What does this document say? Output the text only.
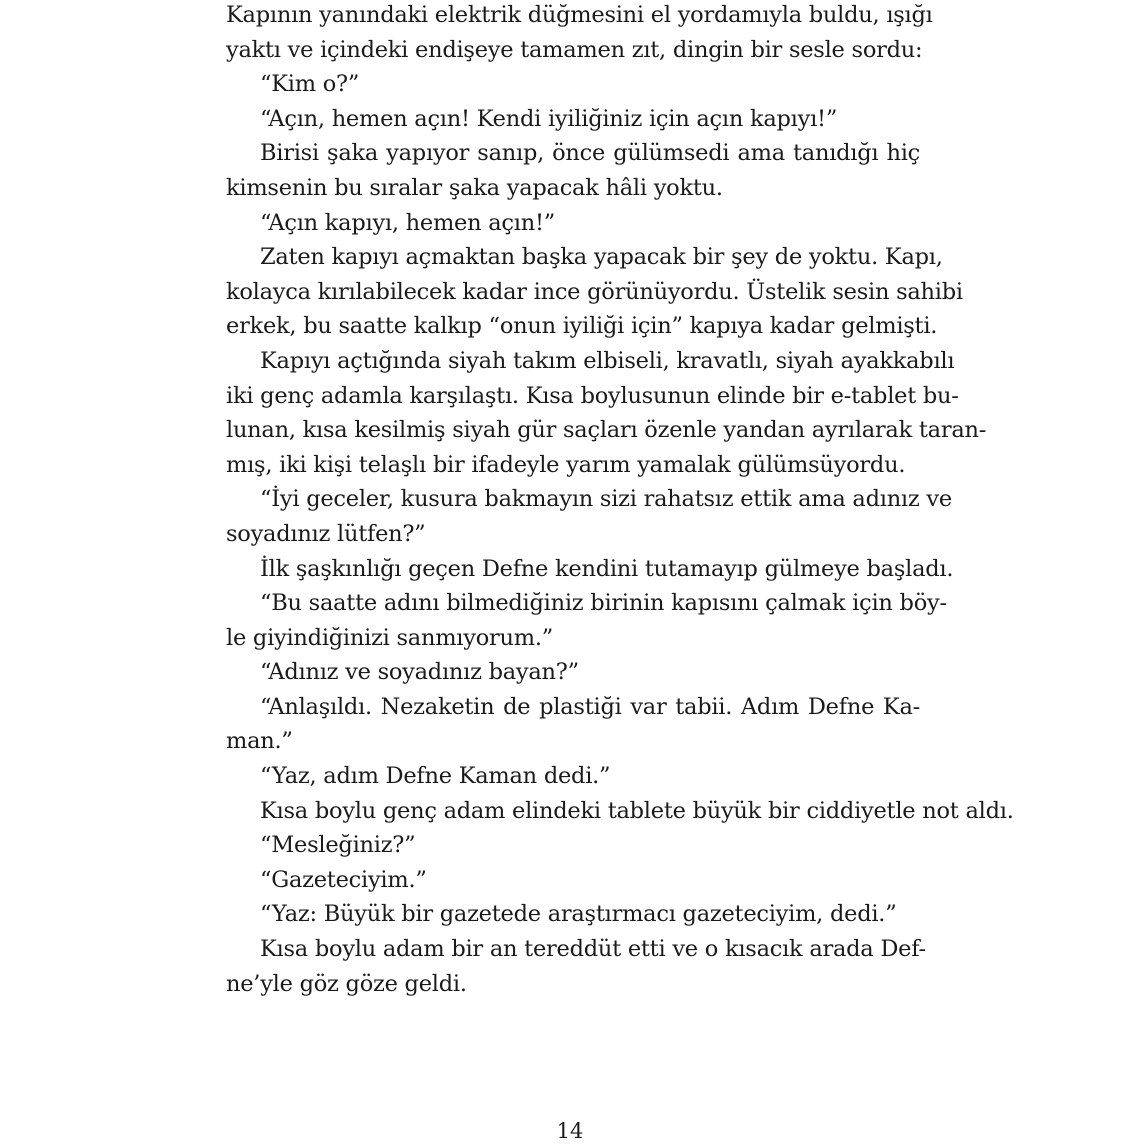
Kapının yanındaki elektrik düğmesini el yordamıyla buldu, ışığı
yaktı ve içindeki endişeye tamamen zıt, dingin bir sesle sordu:
“Kim o?”
“Açın, hemen açın! Kendi iyiliğiniz için açın kapıyı!”
Birisi şaka yapıyor sanıp, önce gülümsedi ama tanıdığı hiç
kimsenin bu sıralar şaka yapacak hâli yoktu.
“Açın kapıyı, hemen açın!”
Zaten kapıyı açmaktan başka yapacak bir şey de yoktu. Kapı,
kolayca kırılabilecek kadar ince görünüyordu. Üstelik sesin sahibi
erkek, bu saatte kalkıp “onun iyiliği için” kapıya kadar gelmişti.
Kapıyı açtığında siyah takım elbiseli, kravatlı, siyah ayakkabılı
iki genç adamla karşılaştı. Kısa boylusunun elinde bir e-tablet bu-
lunan, kısa kesilmiş siyah gür saçları özenle yandan ayrılarak taran-
mış, iki kişi telaşlı bir ifadeyle yarım yamalak gülümsüyordu.
“İyi geceler, kusura bakmayın sizi rahatsız ettik ama adınız ve
soyadınız lütfen?”
İlk şaşkınlığı geçen Defne kendini tutamayıp gülmeye başladı.
“Bu saatte adını bilmediğiniz birinin kapısını çalmak için böy-
le giyindiğinizi sanmıyorum.”
“Adınız ve soyadınız bayan?”
“Anlaşıldı. Nezaketin de plastiği var tabii. Adım Defne Ka-
man.”
“Yaz, adım Defne Kaman dedi.”
Kısa boylu genç adam elindeki tablete büyük bir ciddiyetle not aldı.
“Mesleğiniz?”
“Gazeteciyim.”
“Yaz: Büyük bir gazetede araştırmacı gazeteciyim, dedi.”
Kısa boylu adam bir an tereddüt etti ve o kısacık arada Def-
ne’yle göz göze geldi.
14
